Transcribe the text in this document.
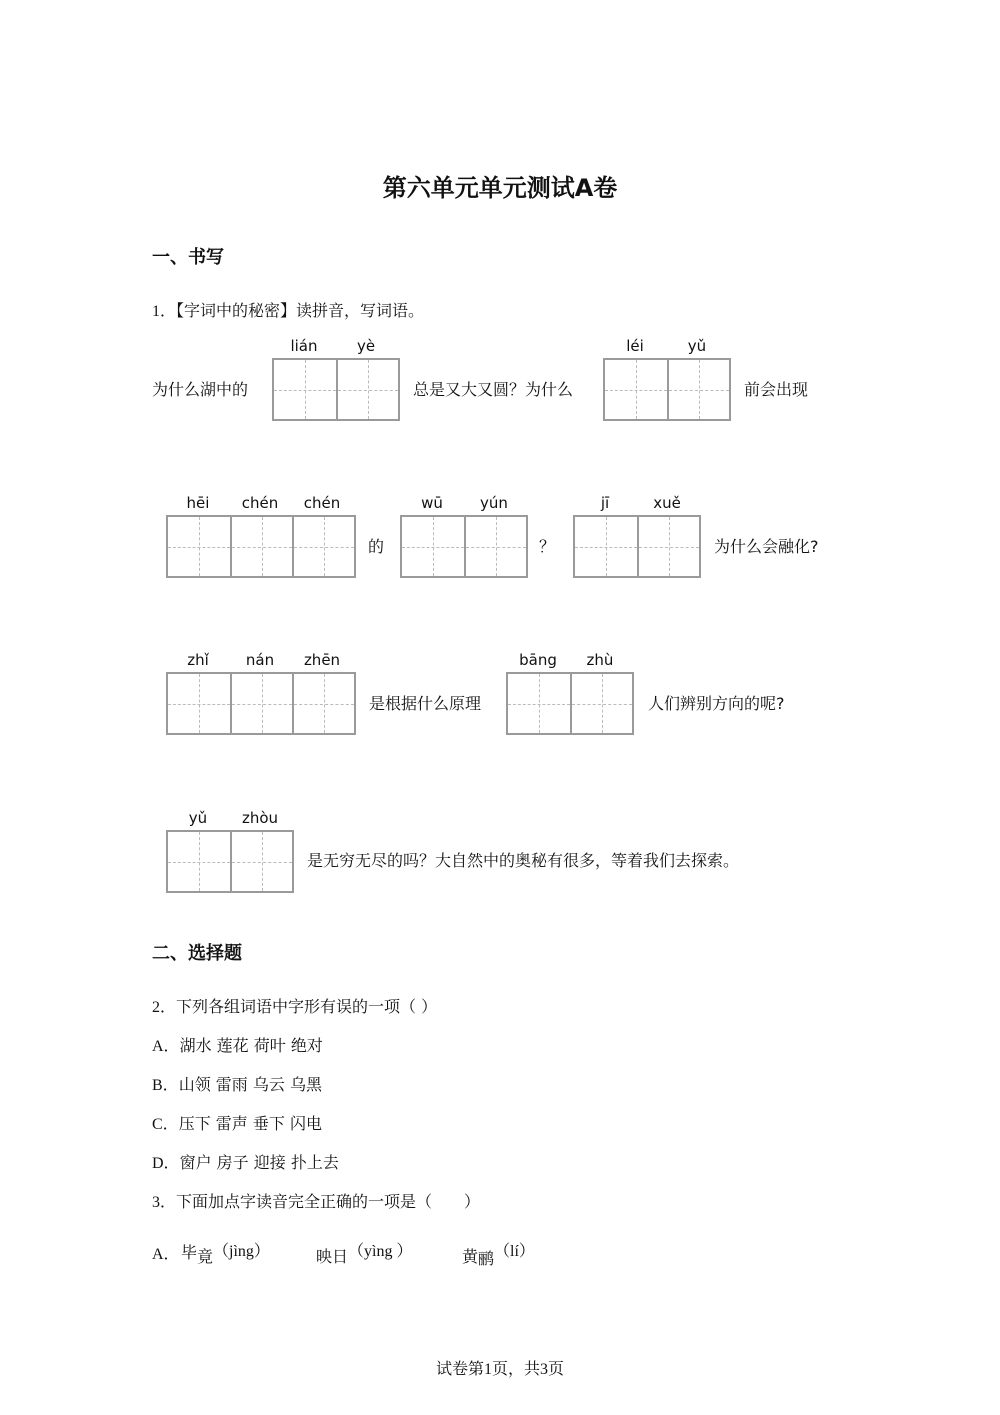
第六单元单元测试A卷
一、书写
1．【字词中的秘密】读拼音，写词语。
为什么湖中的
lián	yè
总是又大又圆？为什么
léi	yǔ
前会出现
hēi	chén	chén
的
wū	yún
？
jī	xuě
为什么会融化?
zhǐ	nán	zhēn
是根据什么原理
bāng	zhù
人们辨别方向的呢?
yǔ	zhòu
是无穷无尽的吗？大自然中的奥秘有很多，等着我们去探索。
二、选择题
2．下列各组词语中字形有误的一项（ ）
A．湖水 莲花 荷叶 绝对
B．山领 雷雨 乌云 乌黑
C．压下 雷声 垂下 闪电
D．窗户 房子 迎接 扑上去
3．下面加点字读音完全正确的一项是（　　）
A． 毕竟（jìng）	映日（yìng ）	黄鹂（lí）
试卷第1页，共3页
